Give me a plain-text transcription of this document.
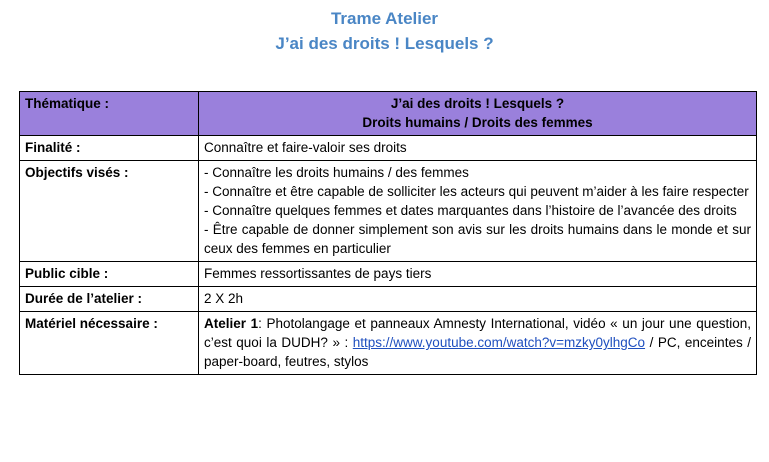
Trame Atelier
J’ai des droits ! Lesquels ?
Thématique :	J’ai des droits ! Lesquels ?
Droits humains / Droits des femmes

Finalité :	Connaître et faire-valoir ses droits
Objectifs visés :	- Connaître les droits humains / des femmes
- Connaître et être capable de solliciter les acteurs qui peuvent m’aider à les faire respecter
- Connaître quelques femmes et dates marquantes dans l’histoire de l’avancée des droits
- Être capable de donner simplement son avis sur les droits humains dans le monde et sur ceux des femmes en particulier

Public cible :	Femmes ressortissantes de pays tiers
Durée de l’atelier :	2 X 2h
Matériel nécessaire :	Atelier 1: Photolangage et panneaux Amnesty International, vidéo « un jour une question, c’est quoi la DUDH? » : https://www.youtube.com/watch?v=mzky0ylhgCo / PC, enceintes / paper-board, feutres, stylos
